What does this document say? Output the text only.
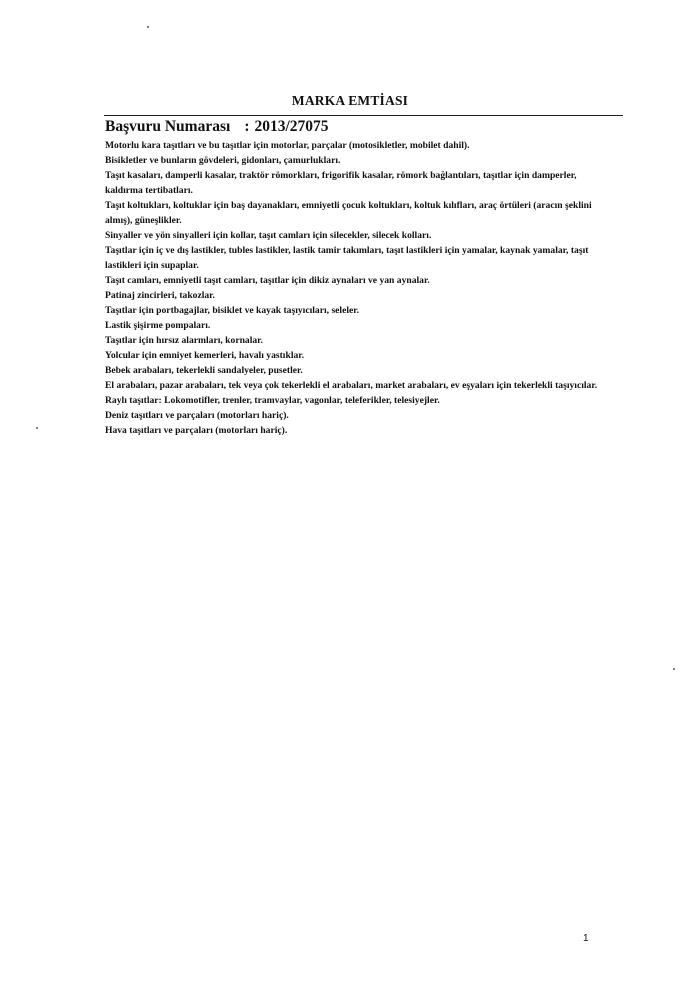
MARKA EMTİASI
Başvuru Numarası : 2013/27075

Motorlu kara taşıtları ve bu taşıtlar için motorlar, parçalar (motosikletler, mobilet dahil).

Bisikletler ve bunların gövdeleri, gidonları, çamurlukları.

Taşıt kasaları, damperli kasalar, traktör römorkları, frigorifik kasalar, römork bağlantıları, taşıtlar için damperler, kaldırma tertibatları.

Taşıt koltukları, koltuklar için baş dayanakları, emniyetli çocuk koltukları, koltuk kılıfları, araç örtüleri (aracın şeklini almış), güneşlikler.

Sinyaller ve yön sinyalleri için kollar, taşıt camları için silecekler, silecek kolları.

Taşıtlar için iç ve dış lastikler, tubles lastikler, lastik tamir takımları, taşıt lastikleri için yamalar, kaynak yamalar, taşıt lastikleri için supaplar.

Taşıt camları, emniyetli taşıt camları, taşıtlar için dikiz aynaları ve yan aynalar.

Patinaj zincirleri, takozlar.

Taşıtlar için portbagajlar, bisiklet ve kayak taşıyıcıları, seleler.

Lastik şişirme pompaları.

Taşıtlar için hırsız alarmları, kornalar.

Yolcular için emniyet kemerleri, havalı yastıklar.

Bebek arabaları, tekerlekli sandalyeler, pusetler.

El arabaları, pazar arabaları, tek veya çok tekerlekli el arabaları, market arabaları, ev eşyaları için tekerlekli taşıyıcılar.

Raylı taşıtlar: Lokomotifler, trenler, tramvaylar, vagonlar, teleferikler, telesiyejler.

Deniz taşıtları ve parçaları (motorları hariç).

Hava taşıtları ve parçaları (motorları hariç).

1
